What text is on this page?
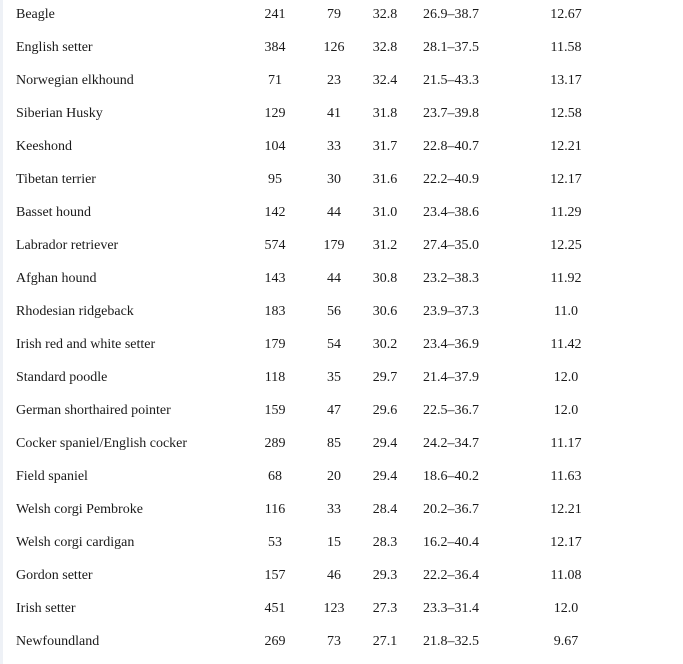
Beagle	241	79	32.8	26.9–38.7	12.67
English setter	384	126	32.8	28.1–37.5	11.58
Norwegian elkhound	71	23	32.4	21.5–43.3	13.17
Siberian Husky	129	41	31.8	23.7–39.8	12.58
Keeshond	104	33	31.7	22.8–40.7	12.21
Tibetan terrier	95	30	31.6	22.2–40.9	12.17
Basset hound	142	44	31.0	23.4–38.6	11.29
Labrador retriever	574	179	31.2	27.4–35.0	12.25
Afghan hound	143	44	30.8	23.2–38.3	11.92
Rhodesian ridgeback	183	56	30.6	23.9–37.3	11.0
Irish red and white setter	179	54	30.2	23.4–36.9	11.42
Standard poodle	118	35	29.7	21.4–37.9	12.0
German shorthaired pointer	159	47	29.6	22.5–36.7	12.0
Cocker spaniel/English cocker	289	85	29.4	24.2–34.7	11.17
Field spaniel	68	20	29.4	18.6–40.2	11.63
Welsh corgi Pembroke	116	33	28.4	20.2–36.7	12.21
Welsh corgi cardigan	53	15	28.3	16.2–40.4	12.17
Gordon setter	157	46	29.3	22.2–36.4	11.08
Irish setter	451	123	27.3	23.3–31.4	12.0
Newfoundland	269	73	27.1	21.8–32.5	9.67
